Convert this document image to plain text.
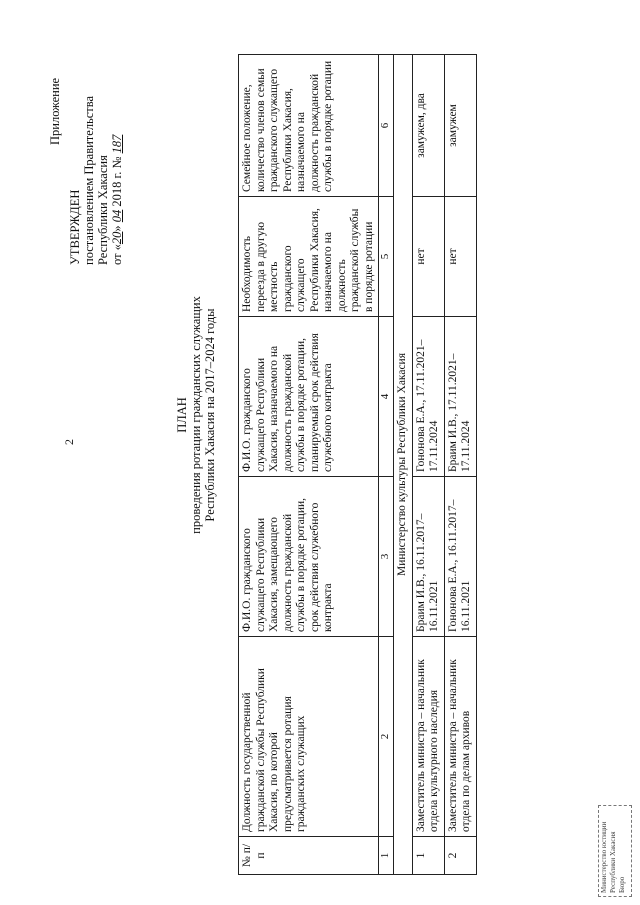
2
Приложение
УТВЕРЖДЕН постановлением Правительства Республики Хакасия от «20» 04 2018 г. № 187
ПЛАН проведения ротации гражданских служащих Республики Хакасия на 2017–2024 годы
№ п/п	Должность государственной гражданской службы Республики Хакасия, по которой предусматривается ротация гражданских служащих	Ф.И.О. гражданского служащего Республики Хакасия, замещающего должность гражданской службы в порядке ротации, срок действия служебного контракта	Ф.И.О. гражданского служащего Республики Хакасия, назначаемого на должность гражданской службы в порядке ротации, планируемый срок действия служебного контракта	Необходимость переезда в другую местность гражданского служащего Республики Хакасия, назначаемого на должность гражданской службы в порядке ротации	Семейное положение, количество членов семьи гражданского служащего Республики Хакасия, назначаемого на должность гражданской службы в порядке ротации
1	2	3	4	5	6
Министерство культуры Республики Хакасия					
1	Заместитель министра – начальник отдела культурного наследия	Браим И.В., 16.11.2017–16.11.2021	Гононова Е.А., 17.11.2021–17.11.2024	нет	замужем, два
2	Заместитель министра – начальник отдела по делам архивов	Гононова Е.А., 16.11.2017–16.11.2021	Браим И.В., 17.11.2021–17.11.2024	нет	замужем
Министерство юстиции Республики Хакасия Бюро
